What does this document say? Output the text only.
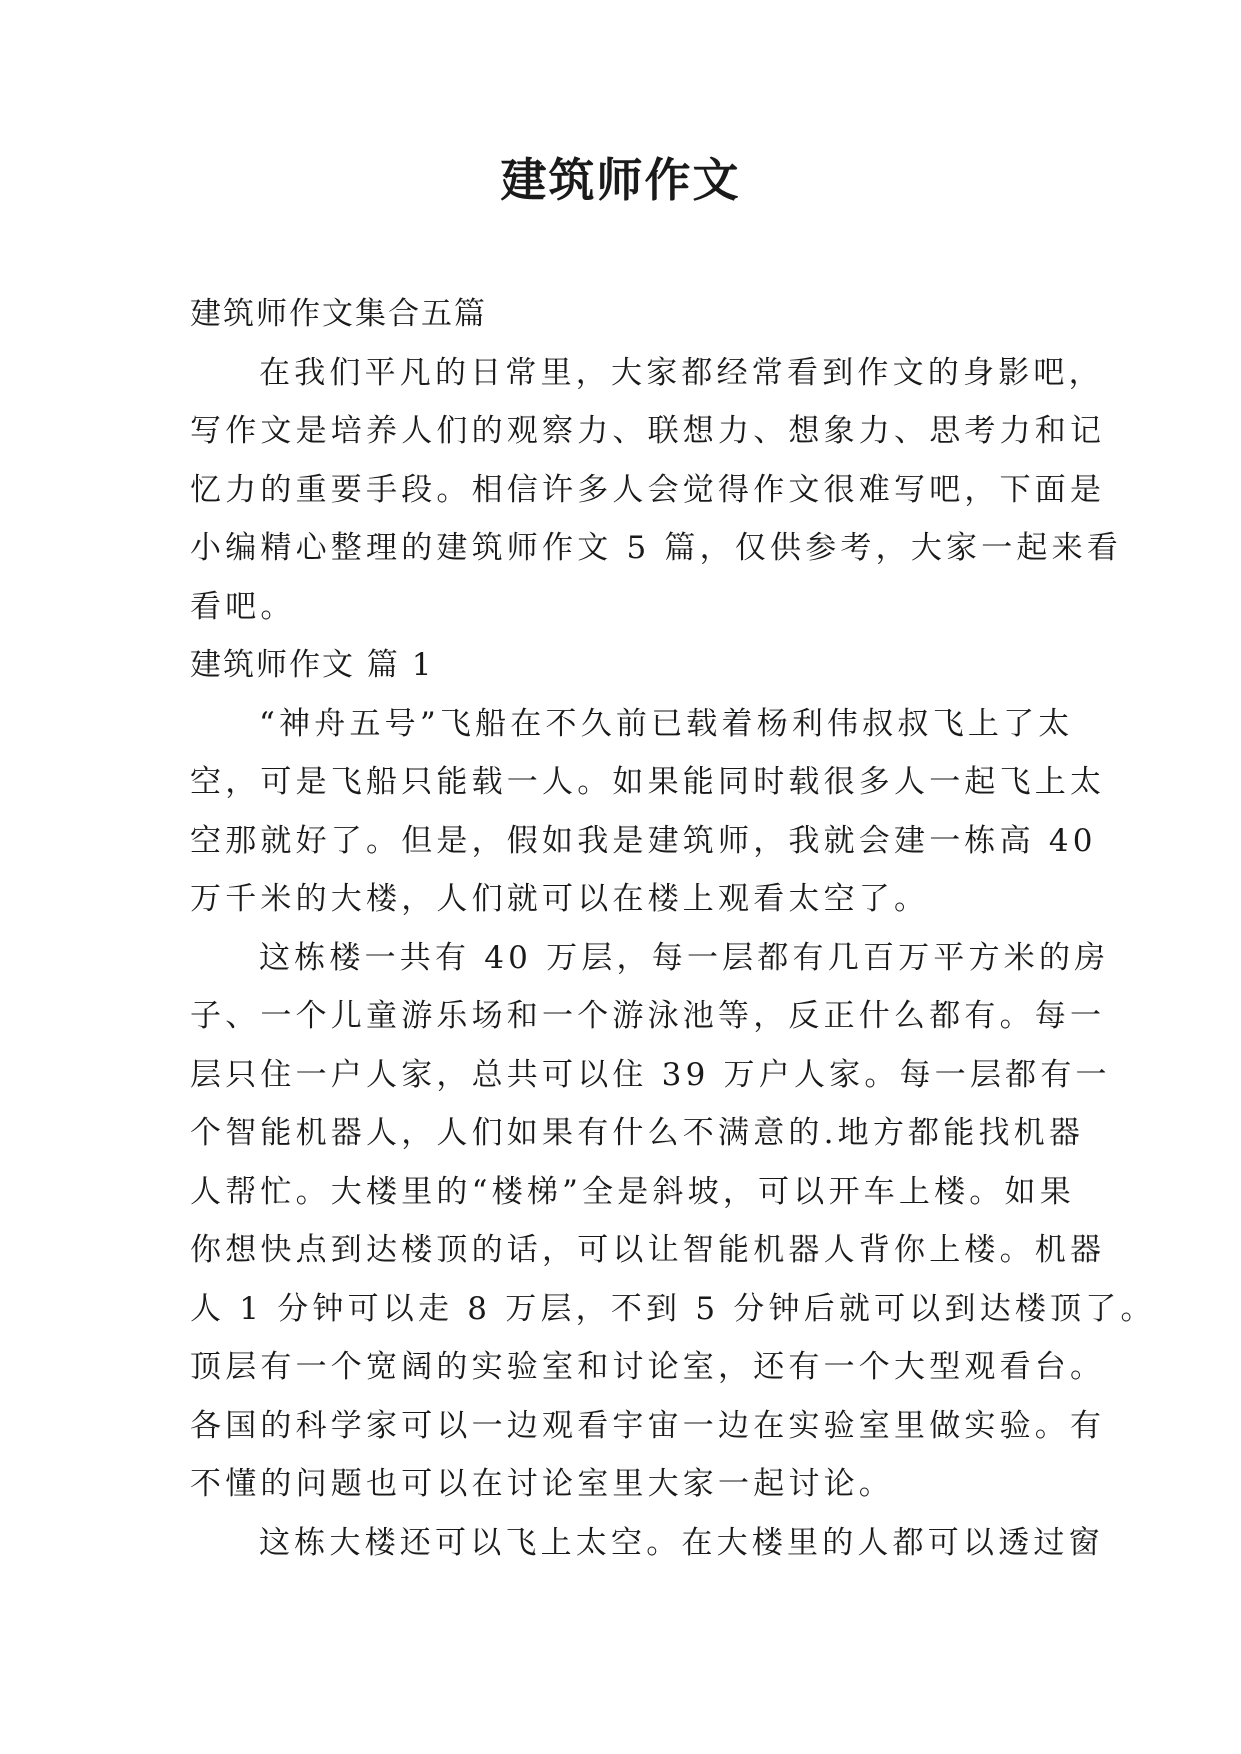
建筑师作文

建筑师作文集合五篇

在我们平凡的日常里，大家都经常看到作文的身影吧，

写作文是培养人们的观察力、联想力、想象力、思考力和记

忆力的重要手段。相信许多人会觉得作文很难写吧，下面是

小编精心整理的建筑师作文 5 篇，仅供参考，大家一起来看

看吧。

建筑师作文 篇 1

“神舟五号”飞船在不久前已载着杨利伟叔叔飞上了太

空，可是飞船只能载一人。如果能同时载很多人一起飞上太

空那就好了。但是，假如我是建筑师，我就会建一栋高 40

万千米的大楼，人们就可以在楼上观看太空了。

这栋楼一共有 40 万层，每一层都有几百万平方米的房

子、一个儿童游乐场和一个游泳池等，反正什么都有。每一

层只住一户人家，总共可以住 39 万户人家。每一层都有一

个智能机器人，人们如果有什么不满意的.地方都能找机器

人帮忙。大楼里的“楼梯”全是斜坡，可以开车上楼。如果

你想快点到达楼顶的话，可以让智能机器人背你上楼。机器

人 1 分钟可以走 8 万层，不到 5 分钟后就可以到达楼顶了。

顶层有一个宽阔的实验室和讨论室，还有一个大型观看台。

各国的科学家可以一边观看宇宙一边在实验室里做实验。有

不懂的问题也可以在讨论室里大家一起讨论。

这栋大楼还可以飞上太空。在大楼里的人都可以透过窗
